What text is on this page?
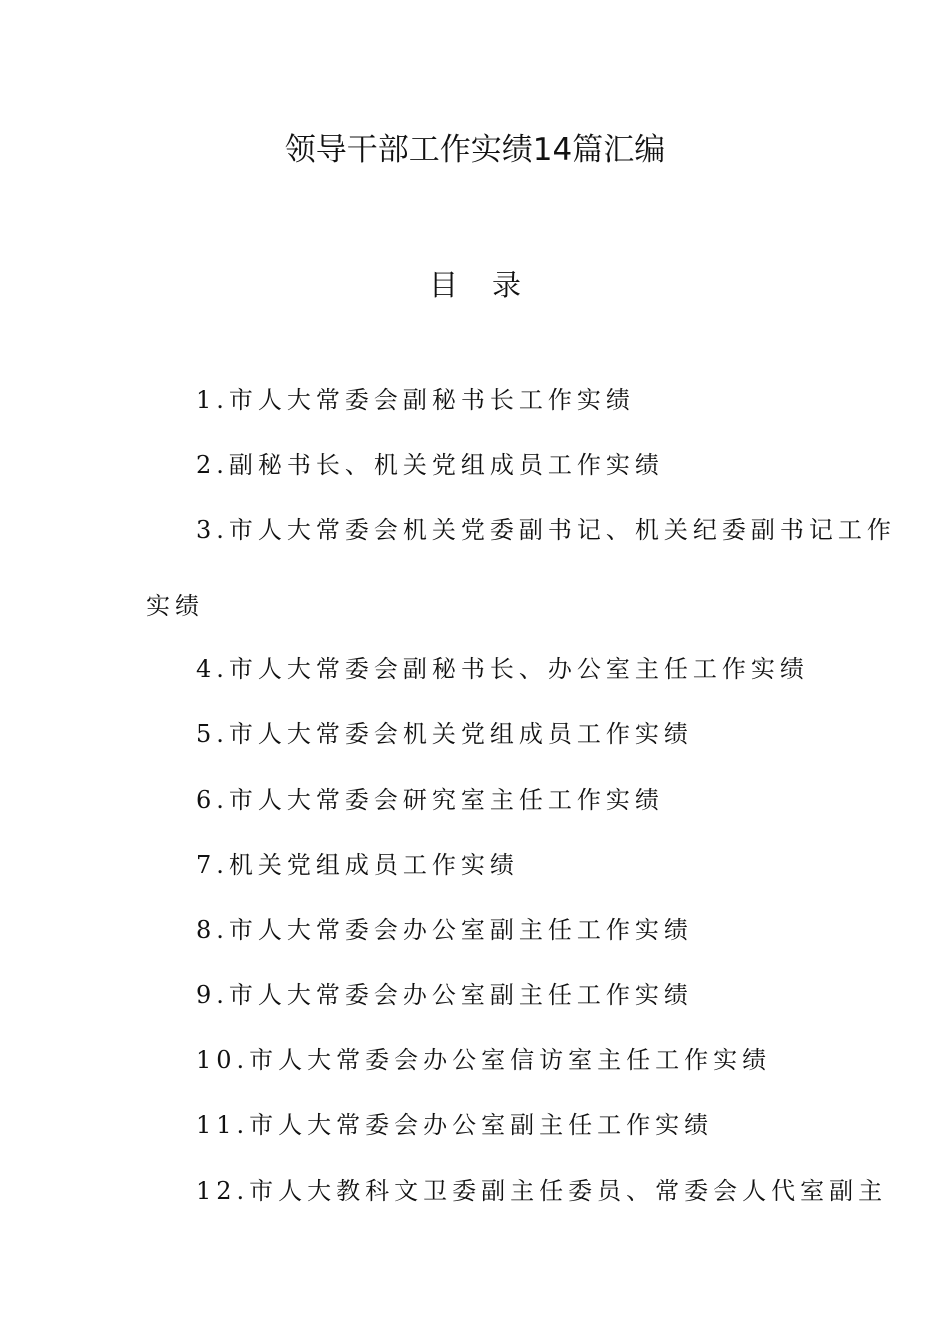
领导干部工作实绩14篇汇编
目 录
1.市人大常委会副秘书长工作实绩
2.副秘书长、机关党组成员工作实绩
3.市人大常委会机关党委副书记、机关纪委副书记工作
实绩
4.市人大常委会副秘书长、办公室主任工作实绩
5.市人大常委会机关党组成员工作实绩
6.市人大常委会研究室主任工作实绩
7.机关党组成员工作实绩
8.市人大常委会办公室副主任工作实绩
9.市人大常委会办公室副主任工作实绩
10.市人大常委会办公室信访室主任工作实绩
11.市人大常委会办公室副主任工作实绩
12.市人大教科文卫委副主任委员、常委会人代室副主
